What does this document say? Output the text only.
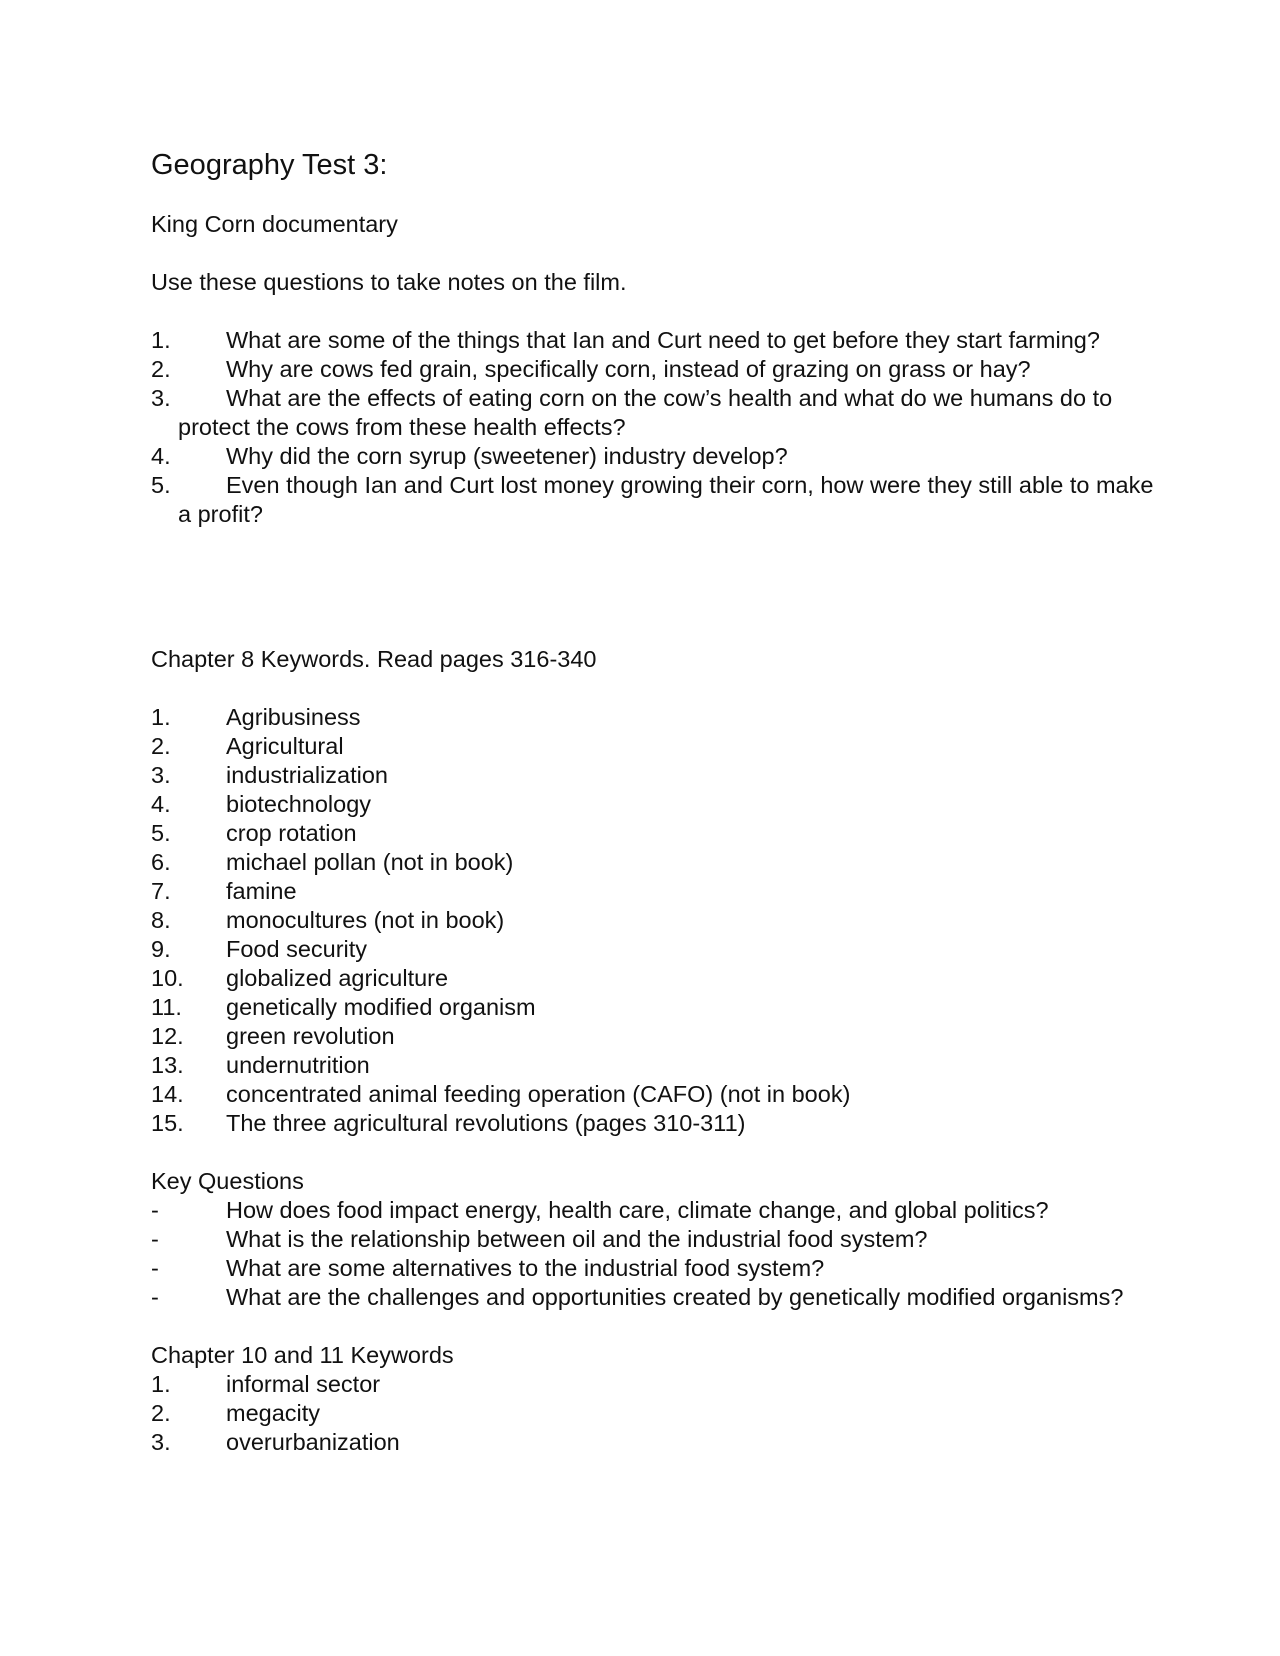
Geography Test 3:

King Corn documentary

Use these questions to take notes on the film.

1. What are some of the things that Ian and Curt need to get before they start farming?
2. Why are cows fed grain, specifically corn, instead of grazing on grass or hay?
3. What are the effects of eating corn on the cow’s health and what do we humans do to protect the cows from these health effects?
4. Why did the corn syrup (sweetener) industry develop?
5. Even though Ian and Curt lost money growing their corn, how were they still able to make a profit?

Chapter 8 Keywords. Read pages 316-340

1. Agribusiness
2. Agricultural
3. industrialization
4. biotechnology
5. crop rotation
6. michael pollan (not in book)
7. famine
8. monocultures (not in book)
9. Food security
10. globalized agriculture
11. genetically modified organism
12. green revolution
13. undernutrition
14. concentrated animal feeding operation (CAFO) (not in book)
15. The three agricultural revolutions (pages 310-311)

Key Questions

-	How does food impact energy, health care, climate change, and global politics?
-	What is the relationship between oil and the industrial food system?
-	What are some alternatives to the industrial food system?
-	What are the challenges and opportunities created by genetically modified organisms?

Chapter 10 and 11 Keywords

1. informal sector
2. megacity
3. overurbanization
